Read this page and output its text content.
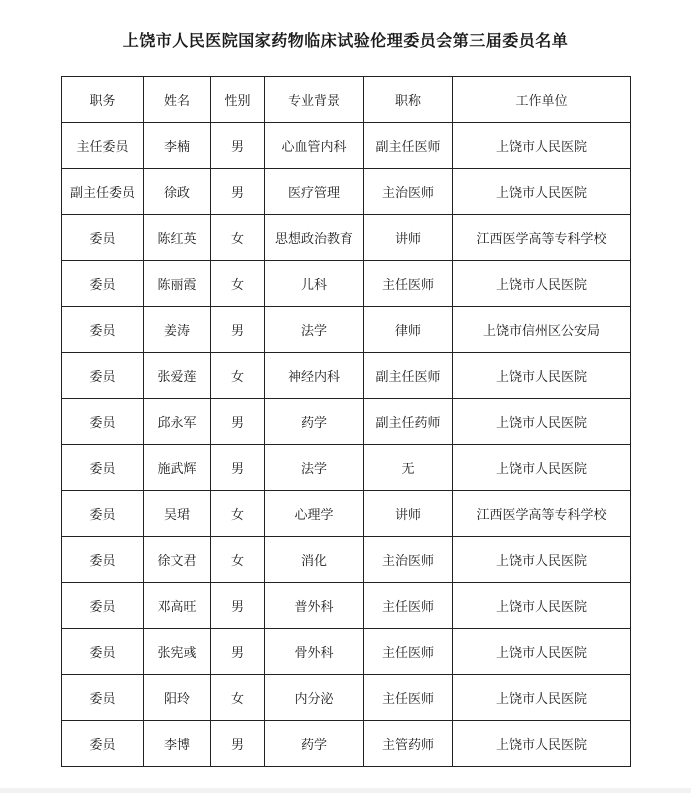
上饶市人民医院国家药物临床试验伦理委员会第三届委员名单
职务	姓名	性别	专业背景	职称	工作单位
主任委员	李楠	男	心血管内科	副主任医师	上饶市人民医院
副主任委员	徐政	男	医疗管理	主治医师	上饶市人民医院
委员	陈红英	女	思想政治教育	讲师	江西医学高等专科学校
委员	陈丽霞	女	儿科	主任医师	上饶市人民医院
委员	姜涛	男	法学	律师	上饶市信州区公安局
委员	张爱莲	女	神经内科	副主任医师	上饶市人民医院
委员	邱永军	男	药学	副主任药师	上饶市人民医院
委员	施武辉	男	法学	无	上饶市人民医院
委员	吴珺	女	心理学	讲师	江西医学高等专科学校
委员	徐文君	女	消化	主治医师	上饶市人民医院
委员	邓高旺	男	普外科	主任医师	上饶市人民医院
委员	张宪彧	男	骨外科	主任医师	上饶市人民医院
委员	阳玲	女	内分泌	主任医师	上饶市人民医院
委员	李博	男	药学	主管药师	上饶市人民医院
